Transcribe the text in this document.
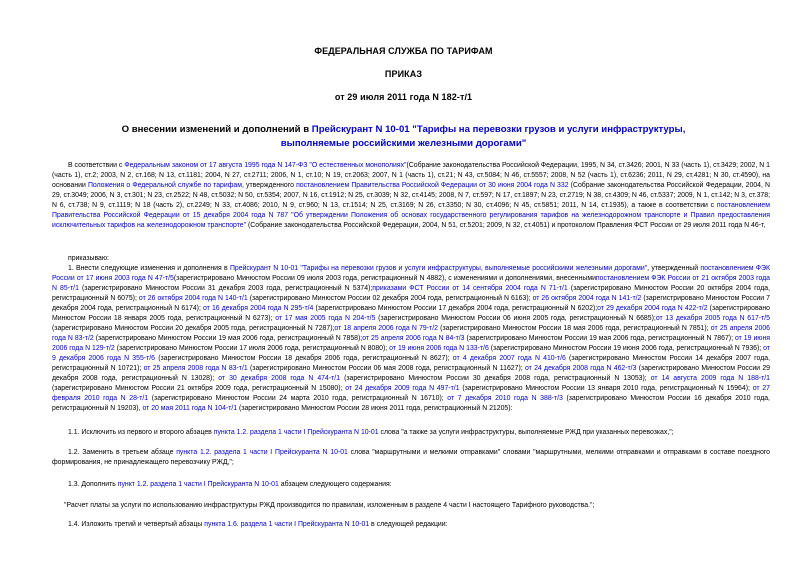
ФЕДЕРАЛЬНАЯ СЛУЖБА ПО ТАРИФАМ
ПРИКАЗ
от 29 июля 2011 года N 182-т/1
О внесении изменений и дополнений в Прейскурант N 10-01 "Тарифы на перевозки грузов и услуги инфраструктуры, выполняемые российскими железными дорогами"
В соответствии с Федеральным законом от 17 августа 1995 года N 147-ФЗ "О естественных монополиях"(Собрание законодательства Российской Федерации, 1995, N 34, ст.3426; 2001, N 33 (часть 1), ст.3429; 2002, N 1 (часть 1), ст.2; 2003, N 2, ст.168; N 13, ст.1181; 2004, N 27, ст.2711; 2006, N 1, ст.10; N 19, ст.2063; 2007, N 1 (часть 1), ст.21; N 43, ст.5084; N 46, ст.5557; 2008, N 52 (часть 1), ст.6236; 2011, N 29, ст.4281; N 30, ст.4590), на основании Положения о Федеральной службе по тарифам, утвержденного постановлением Правительства Российской Федерации от 30 июня 2004 года N 332 (Собрание законодательства Российской Федерации, 2004, N 29, ст.3049; 2006, N 3, ст.301; N 23, ст.2522; N 48, ст.5032; N 50, ст.5354; 2007, N 16, ст.1912; N 25, ст.3039; N 32, ст.4145; 2008, N 7, ст.597; N 17, ст.1897; N 23, ст.2719; N 38, ст.4309; N 46, ст.5337; 2009, N 1, ст.142; N 3, ст.378; N 6, ст.738; N 9, ст.1119; N 18 (часть 2), ст.2249; N 33, ст.4086; 2010, N 9, ст.960; N 13, ст.1514; N 25, ст.3169; N 26, ст.3350; N 30, ст.4096; N 45, ст.5851; 2011, N 14, ст.1935), а также в соответствии с постановлением Правительства Российской Федерации от 15 декабря 2004 года N 787 "Об утверждении Положения об основах государственного регулирования тарифов на железнодорожном транспорте и Правил предоставления исключительных тарифов на железнодорожном транспорте" (Собрание законодательства Российской Федерации, 2004, N 51, ст.5201; 2009, N 32, ст.4051) и протоколом Правления ФСТ России от 29 июля 2011 года N 46-т,
приказываю:
1. Внести следующие изменения и дополнения в Прейскурант N 10-01 "Тарифы на перевозки грузов и услуги инфраструктуры, выполняемые российскими железными дорогами", утвержденный постановлением ФЭК России от 17 июня 2003 года N 47-т/5(зарегистрировано Минюстом России 09 июля 2003 года, регистрационный N 4882), с изменениями и дополнениями, внесеннымипостановлением ФЭК России от 21 октября 2003 года N 85-т/1 (зарегистрировано Минюстом России 31 декабря 2003 года, регистрационный N 5374);приказами ФСТ России от 14 сентября 2004 года N 71-т/1 (зарегистрировано Минюстом России 20 октября 2004 года, регистрационный N 6075); от 26 октября 2004 года N 140-т/1 (зарегистрировано Минюстом России 02 декабря 2004 года, регистрационный N 6163); от 26 октября 2004 года N 141-т/2 (зарегистрировано Минюстом России 7 декабря 2004 года, регистрационный N 6174); от 16 декабря 2004 года N 295-т/4 (зарегистрировано Минюстом России 17 декабря 2004 года, регистрационный N 6202);от 29 декабря 2004 года N 422-т/2 (зарегистрировано Минюстом России 18 января 2005 года, регистрационный N 6273); от 17 мая 2005 года N 204-т/5 (зарегистрировано Минюстом России 06 июня 2005 года, регистрационный N 6685);от 13 декабря 2005 года N 617-т/5 (зарегистрировано Минюстом России 20 декабря 2005 года, регистрационный N 7287);от 18 апреля 2006 года N 79-т/2 (зарегистрировано Минюстом России 18 мая 2006 года, регистрационный N 7851); от 25 апреля 2006 года N 83-т/2 (зарегистрировано Минюстом России 19 мая 2006 года, регистрационный N 7858);от 25 апреля 2006 года N 84-т/3 (зарегистрировано Минюстом России 19 мая 2006 года, регистрационный N 7867); от 19 июня 2006 года N 129-т/2 (зарегистрировано Минюстом России 17 июля 2006 года, регистрационный N 8080); от 19 июня 2006 года N 133-т/6 (зарегистрировано Минюстом России 19 июня 2006 года, регистрационный N 7936); от 9 декабря 2006 года N 355-т/6 (зарегистрировано Минюстом России 18 декабря 2006 года, регистрационный N 8627); от 4 декабря 2007 года N 410-т/6 (зарегистрировано Минюстом России 14 декабря 2007 года, регистрационный N 10721); от 25 апреля 2008 года N 83-т/1 (зарегистрировано Минюстом России 06 мая 2008 года, регистрационный N 11627); от 24 декабря 2008 года N 462-т/3 (зарегистрировано Минюстом России 29 декабря 2008 года, регистрационный N 13028); от 30 декабря 2008 года N 474-т/1 (зарегистрировано Минюстом России 30 декабря 2008 года, регистрационный N 13053); от 14 августа 2009 года N 188-т/1 (зарегистрировано Минюстом России 21 октября 2009 года, регистрационный N 15080); от 24 декабря 2009 года N 497-т/1 (зарегистрировано Минюстом России 13 января 2010 года, регистрационный N 15964); от 27 февраля 2010 года N 28-т/1 (зарегистрировано Минюстом России 24 марта 2010 года, регистрационный N 16710); от 7 декабря 2010 года N 388-т/3 (зарегистрировано Минюстом России 16 декабря 2010 года, регистрационный N 19203), от 20 мая 2011 года N 104-т/1 (зарегистрировано Минюстом России 28 июня 2011 года, регистрационный N 21205):
1.1. Исключить из первого и второго абзацев пункта 1.2. раздела 1 части I Прейскуранта N 10-01 слова "а также за услуги инфраструктуры, выполняемые РЖД при указанных перевозках,";
1.2. Заменить в третьем абзаце пункта 1.2. раздела 1 части I Прейскуранта N 10-01 слова "маршрутными и мелкими отправками" словами "маршрутными, мелкими отправками и отправками в составе поездного формирования, не принадлежащего перевозчику РЖД,";
1.3. Дополнить пункт 1.2. раздела 1 части I Прейскуранта N 10-01 абзацем следующего содержания:
"Расчет платы за услуги по использованию инфраструктуры РЖД производится по правилам, изложенным в разделе 4 части I настоящего Тарифного руководства.";
1.4. Изложить третий и четвертый абзацы пункта 1.6. раздела 1 части I Прейскуранта N 10-01 в следующей редакции:
